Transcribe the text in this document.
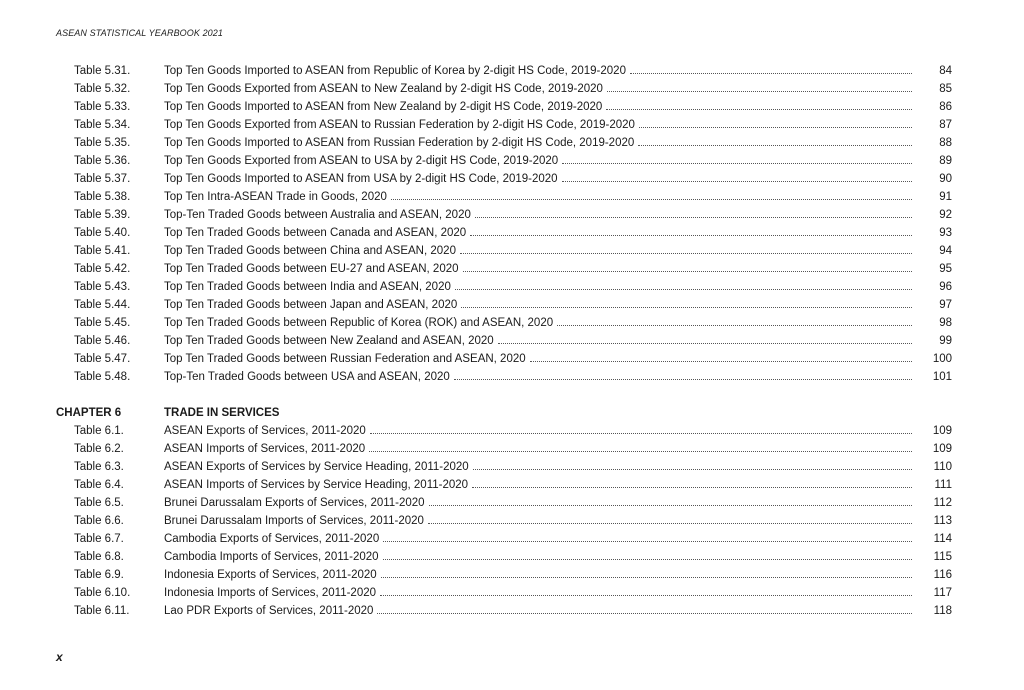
ASEAN STATISTICAL YEARBOOK 2021
Table 5.31.	Top Ten Goods Imported to ASEAN from Republic of Korea by 2-digit HS Code, 2019-2020	84
Table 5.32.	Top Ten Goods Exported from ASEAN to New Zealand by 2-digit HS Code, 2019-2020	85
Table 5.33.	Top Ten Goods Imported to ASEAN from New Zealand by 2-digit HS Code, 2019-2020	86
Table 5.34.	Top Ten Goods Exported from ASEAN to Russian Federation by 2-digit HS Code, 2019-2020	87
Table 5.35.	Top Ten Goods Imported to ASEAN from Russian Federation by 2-digit HS Code, 2019-2020	88
Table 5.36.	Top Ten Goods Exported from ASEAN to USA by 2-digit HS Code, 2019-2020	89
Table 5.37.	Top Ten Goods Imported to ASEAN from USA by 2-digit HS Code, 2019-2020	90
Table 5.38.	Top Ten Intra-ASEAN Trade in Goods, 2020	91
Table 5.39.	Top-Ten Traded Goods between Australia and ASEAN, 2020	92
Table 5.40.	Top Ten Traded Goods between Canada and ASEAN, 2020	93
Table 5.41.	Top Ten Traded Goods between China and ASEAN, 2020	94
Table 5.42.	Top Ten Traded Goods between EU-27 and ASEAN, 2020	95
Table 5.43.	Top Ten Traded Goods between India and ASEAN, 2020	96
Table 5.44.	Top Ten Traded Goods between Japan and ASEAN, 2020	97
Table 5.45.	Top Ten Traded Goods between Republic of Korea (ROK) and ASEAN, 2020	98
Table 5.46.	Top Ten Traded Goods between New Zealand and ASEAN, 2020	99
Table 5.47.	Top Ten Traded Goods between Russian Federation and ASEAN, 2020	100
Table 5.48.	Top-Ten Traded Goods between USA and ASEAN, 2020	101
CHAPTER 6	TRADE IN SERVICES
Table 6.1.	ASEAN Exports of Services, 2011-2020	109
Table 6.2.	ASEAN Imports of Services, 2011-2020	109
Table 6.3.	ASEAN Exports of Services by Service Heading, 2011-2020	110
Table 6.4.	ASEAN Imports of Services by Service Heading, 2011-2020	111
Table 6.5.	Brunei Darussalam Exports of Services, 2011-2020	112
Table 6.6.	Brunei Darussalam Imports of Services, 2011-2020	113
Table 6.7.	Cambodia Exports of Services, 2011-2020	114
Table 6.8.	Cambodia Imports of Services, 2011-2020	115
Table 6.9.	Indonesia Exports of Services, 2011-2020	116
Table 6.10.	Indonesia Imports of Services, 2011-2020	117
Table 6.11.	Lao PDR Exports of Services, 2011-2020	118
x
